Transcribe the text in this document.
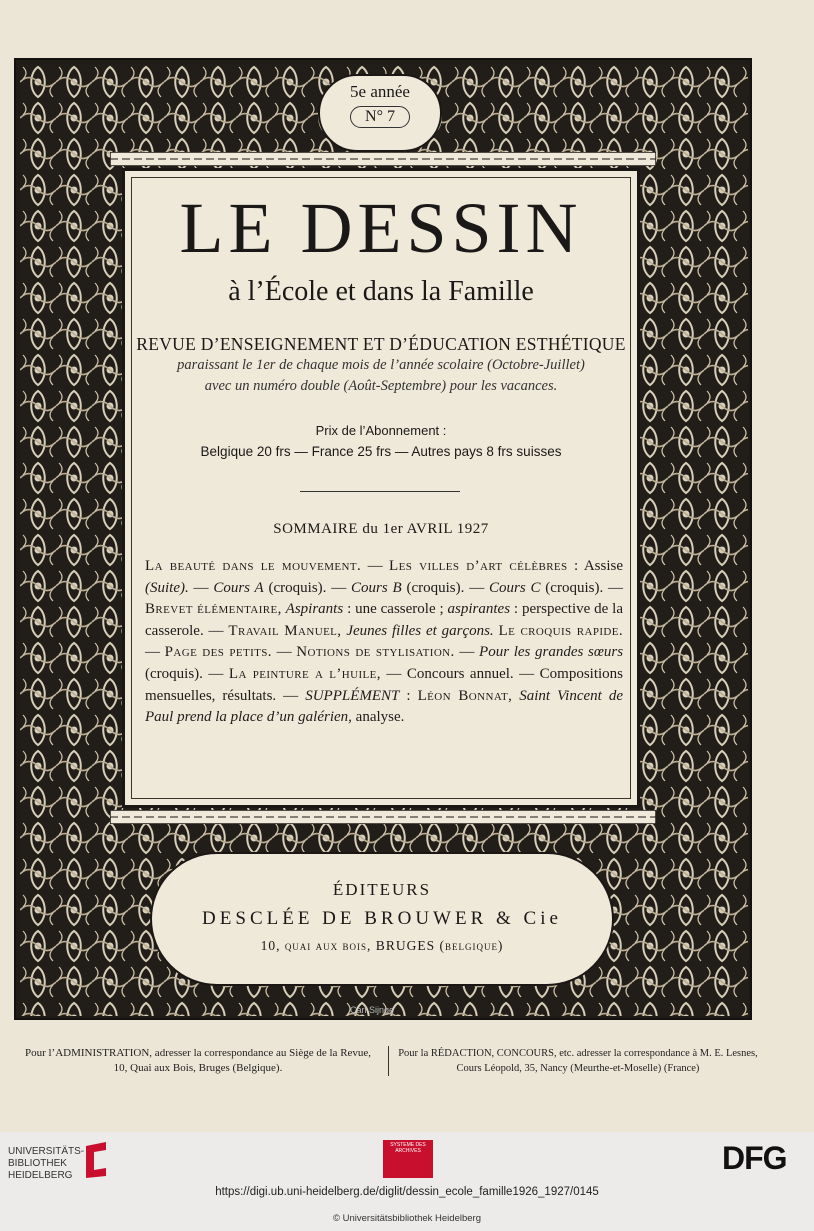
5e année
N° 7
LE DESSIN
à l’École et dans la Famille
REVUE D’ENSEIGNEMENT ET D’ÉDUCATION ESTHÉTIQUE
paraissant le 1er de chaque mois de l’année scolaire (Octobre-Juillet)
avec un numéro double (Août-Septembre) pour les vacances.
Prix de l’Abonnement :
Belgique 20 frs — France 25 frs — Autres pays 8 frs suisses
SOMMAIRE du 1er AVRIL 1927
La beauté dans le mouvement. — Les villes d’art célèbres : Assise (Suite). — Cours A (croquis). — Cours B (croquis). — Cours C (croquis). — Brevet élémentaire, Aspirants : une casserole ; aspirantes : perspective de la casserole. — Travail Manuel, Jeunes filles et garçons. Le croquis rapide. — Page des petits. — Notions de stylisation. — Pour les grandes sœurs (croquis). — La peinture a l’huile, — Concours annuel. — Compositions mensuelles, résultats. — SUPPLÉMENT : Léon Bonnat, Saint Vincent de Paul prend la place d’un galérien, analyse.
ÉDITEURS
DESCLÉE DE BROUWER & Cie
10, quai aux bois, BRUGES (belgique)
Carl Sijnge
Pour l’ADMINISTRATION, adresser la correspondance au Siège de la Revue, 10, Quai aux Bois, Bruges (Belgique).
Pour la RÉDACTION, CONCOURS, etc. adresser la correspondance à M. E. Lesnes, Cours Léopold, 35, Nancy (Meurthe-et-Moselle) (France)
UNIVERSITÄTS-
BIBLIOTHEK
HEIDELBERG
SYSTEME DES ARCHIVES	DFG
https://digi.ub.uni-heidelberg.de/diglit/dessin_ecole_famille1926_1927/0145
© Universitätsbibliothek Heidelberg
